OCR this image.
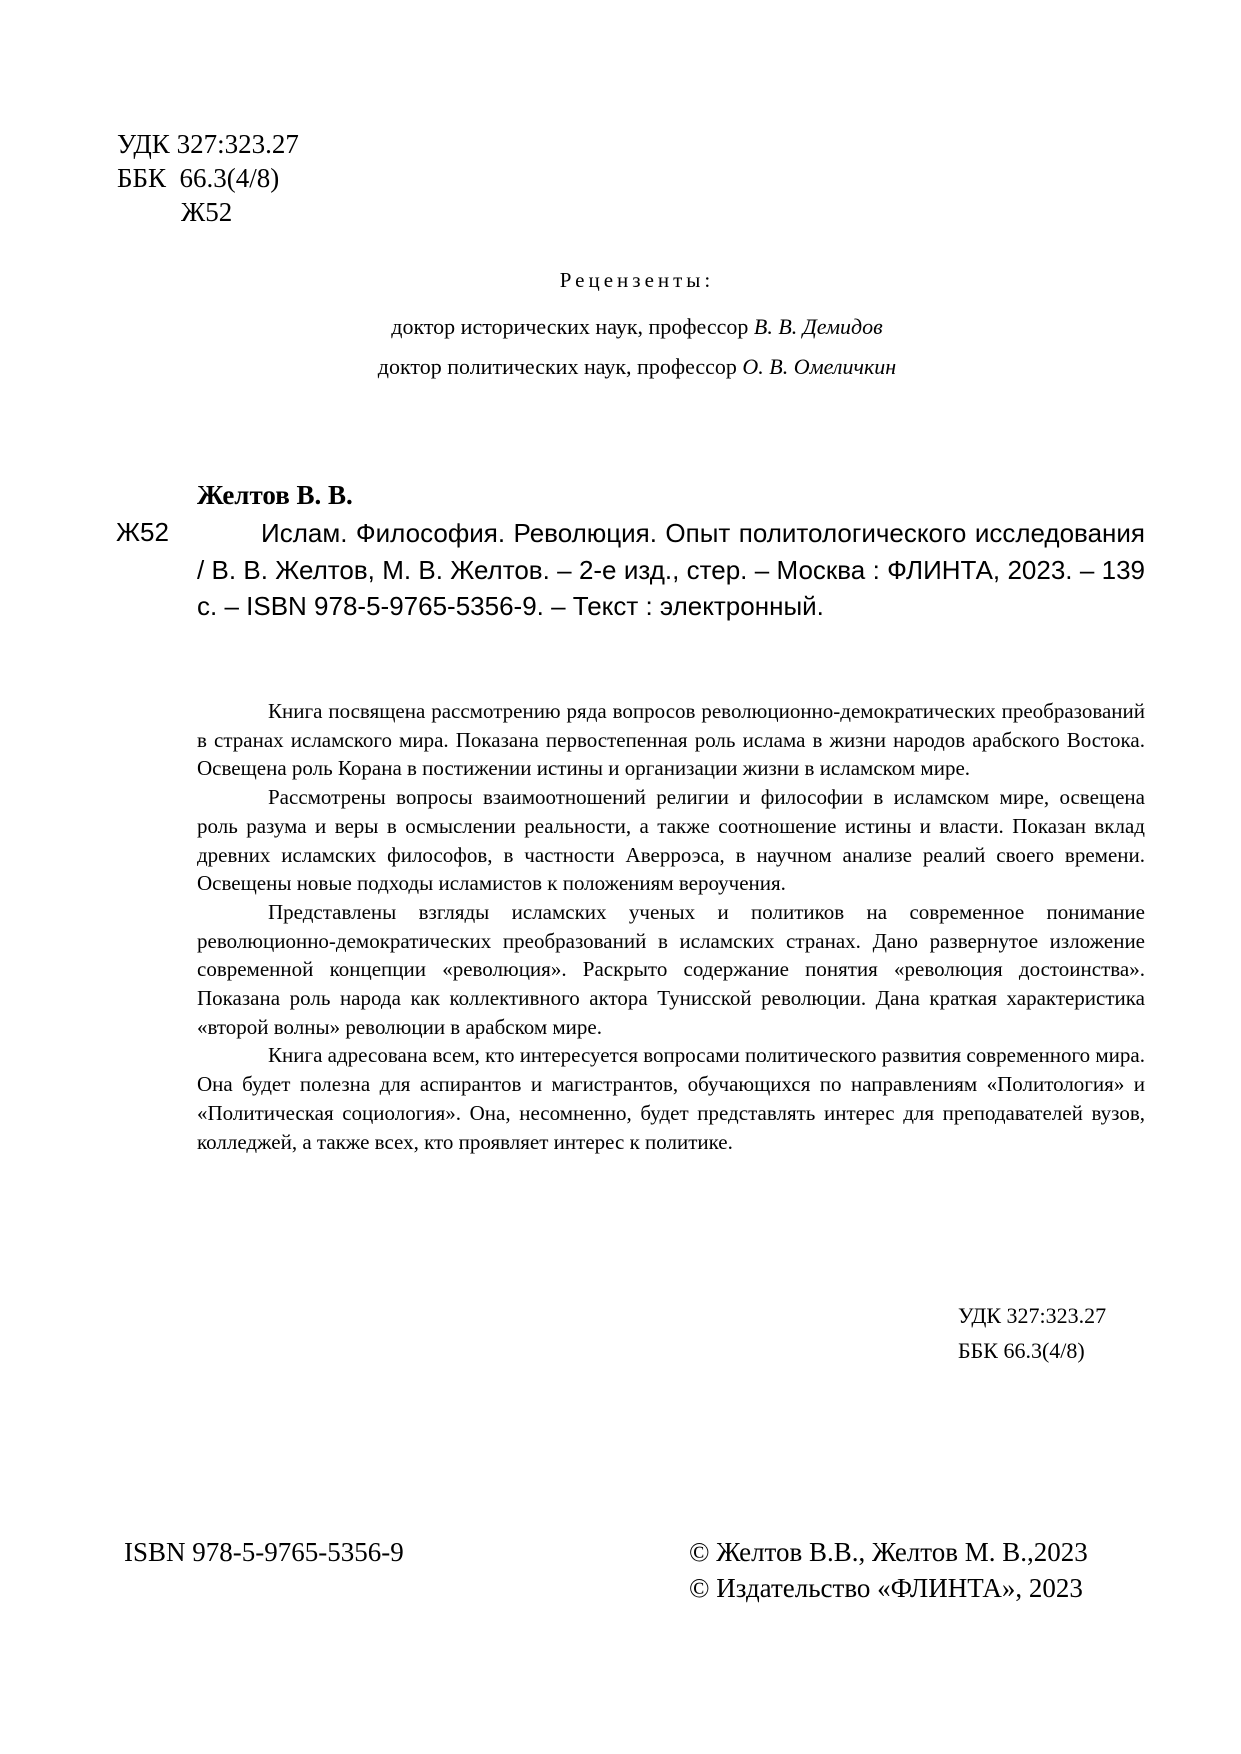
УДК 327:323.27
ББК  66.3(4/8)
Ж52
Рецензенты:
доктор исторических наук, профессор В. В. Демидов
доктор политических наук, профессор О. В. Омеличкин
Желтов В. В.
Ж52	Ислам. Философия. Революция. Опыт политологического исследования / В. В. Желтов, М. В. Желтов. – 2-е изд., стер. – Москва : ФЛИНТА, 2023. – 139 с. – ISBN 978-5-9765-5356-9. – Текст : электронный.

Книга посвящена рассмотрению ряда вопросов революционно-демократических преобразований в странах исламского мира. Показана первостепенная роль ислама в жизни народов арабского Востока. Освещена роль Корана в постижении истины и организации жизни в исламском мире.

Рассмотрены вопросы взаимоотношений религии и философии в исламском мире, освещена роль разума и веры в осмыслении реальности, а также соотношение истины и власти. Показан вклад древних исламских философов, в частности Аверроэса, в научном анализе реалий своего времени. Освещены новые подходы исламистов к положениям вероучения.

Представлены взгляды исламских ученых и политиков на современное понимание революционно-демократических преобразований в исламских странах. Дано развернутое изложение современной концепции «революция». Раскрыто содержание понятия «революция достоинства». Показана роль народа как коллективного актора Тунисской революции. Дана краткая характеристика «второй волны» революции в арабском мире.

Книга адресована всем, кто интересуется вопросами политического развития современного мира. Она будет полезна для аспирантов и магистрантов, обучающихся по направлениям «Политология» и «Политическая социология». Она, несомненно, будет представлять интерес для преподавателей вузов, колледжей, а также всех, кто проявляет интерес к политике.

УДК 327:323.27
ББК 66.3(4/8)
ISBN 978-5-9765-5356-9	© Желтов В.В., Желтов М. В.,2023
© Издательство «ФЛИНТА», 2023
